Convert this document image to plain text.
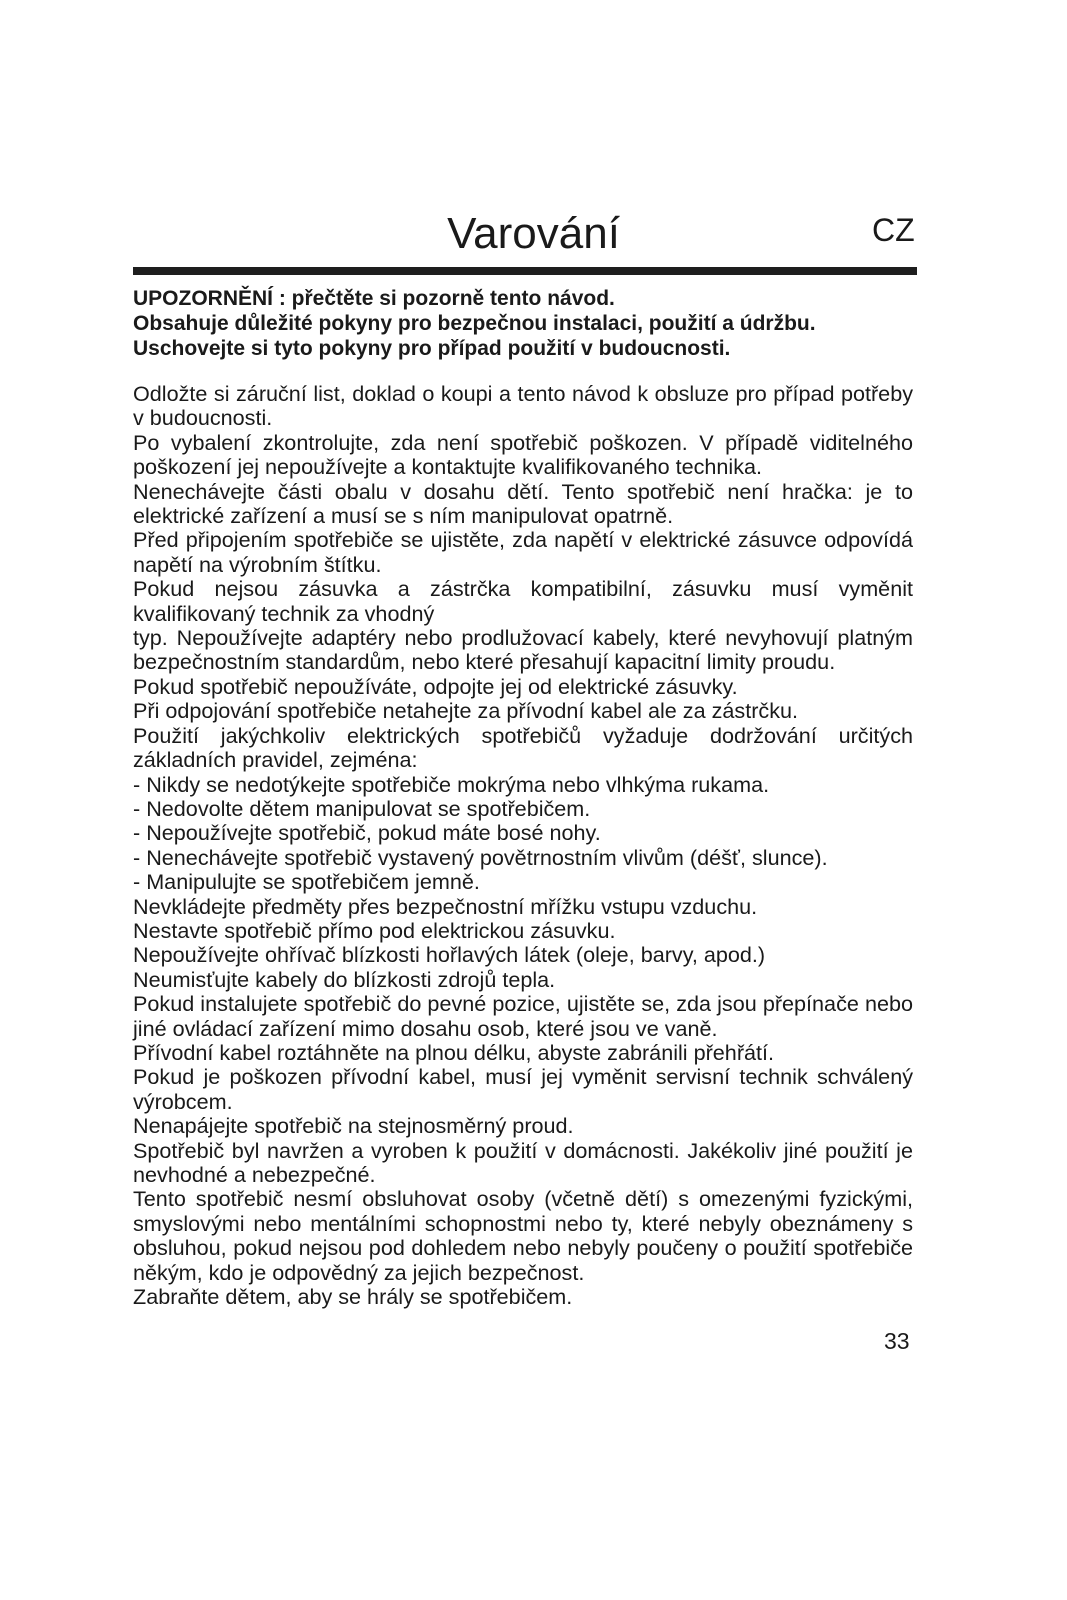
Varování	CZ
UPOZORNĚNÍ : přečtěte si pozorně tento návod.
Obsahuje důležité pokyny pro bezpečnou instalaci, použití a údržbu.
Uschovejte si tyto pokyny pro případ použití v budoucnosti.
Odložte si záruční list, doklad o koupi a tento návod k obsluze pro případ potřeby v budoucnosti.
Po vybalení zkontrolujte, zda není spotřebič poškozen. V případě viditelného poškození jej nepoužívejte a kontaktujte kvalifikovaného technika.
Nenechávejte části obalu v dosahu dětí. Tento spotřebič není hračka: je to elektrické zařízení a musí se s ním manipulovat opatrně.
Před připojením spotřebiče se ujistěte, zda napětí v elektrické zásuvce odpovídá napětí na výrobním štítku.
Pokud nejsou zásuvka a zástrčka kompatibilní, zásuvku musí vyměnit kvalifikovaný technik za vhodný
typ. Nepoužívejte adaptéry nebo prodlužovací kabely, které nevyhovují platným bezpečnostním standardům, nebo které přesahují kapacitní limity proudu.
Pokud spotřebič nepoužíváte, odpojte jej od elektrické zásuvky.
Při odpojování spotřebiče netahejte za přívodní kabel ale za zástrčku.
Použití jakýchkoliv elektrických spotřebičů vyžaduje dodržování určitých základních pravidel, zejména:
- Nikdy se nedotýkejte spotřebiče mokrýma nebo vlhkýma rukama.
- Nedovolte dětem manipulovat se spotřebičem.
- Nepoužívejte spotřebič, pokud máte bosé nohy.
- Nenechávejte spotřebič vystavený povětrnostním vlivům (déšť, slunce).
- Manipulujte se spotřebičem jemně.
Nevkládejte předměty přes bezpečnostní mřížku vstupu vzduchu.
Nestavte spotřebič přímo pod elektrickou zásuvku.
Nepoužívejte ohřívač blízkosti hořlavých látek (oleje, barvy, apod.)
Neumisťujte kabely do blízkosti zdrojů tepla.
Pokud instalujete spotřebič do pevné pozice, ujistěte se, zda jsou přepínače nebo jiné ovládací zařízení mimo dosahu osob, které jsou ve vaně.
Přívodní kabel roztáhněte na plnou délku, abyste zabránili přehřátí.
Pokud je poškozen přívodní kabel, musí jej vyměnit servisní technik schválený výrobcem.
Nenapájejte spotřebič na stejnosměrný proud.
Spotřebič byl navržen a vyroben k použití v domácnosti. Jakékoliv jiné použití je nevhodné a nebezpečné.
Tento spotřebič nesmí obsluhovat osoby (včetně dětí) s omezenými fyzickými, smyslovými nebo mentálními schopnostmi nebo ty, které nebyly obeznámeny s obsluhou, pokud nejsou pod dohledem nebo nebyly poučeny o použití spotřebiče někým, kdo je odpovědný za jejich bezpečnost.
Zabraňte dětem, aby se hrály se spotřebičem.
33
